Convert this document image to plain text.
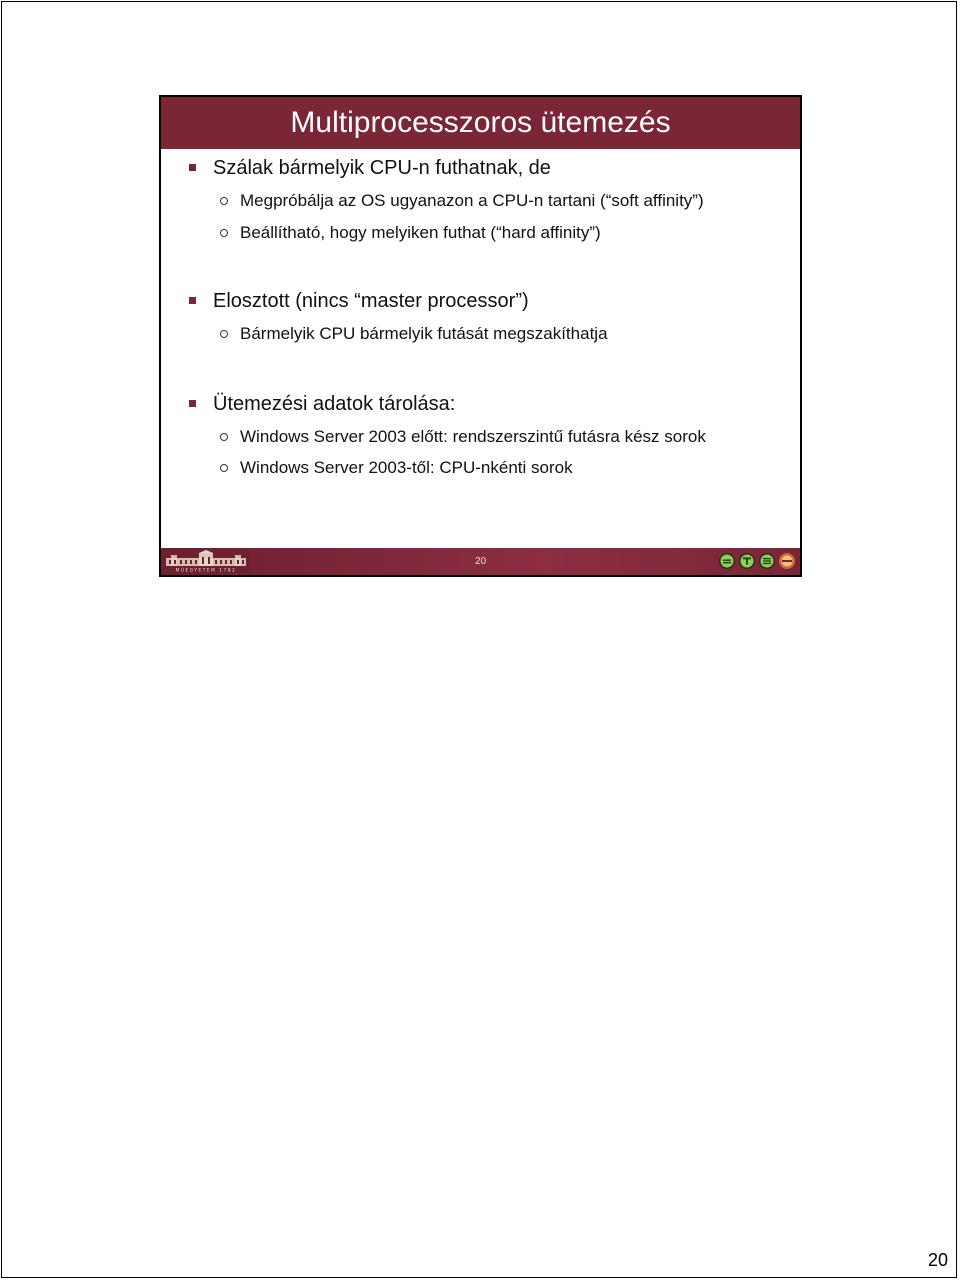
Multiprocesszoros ütemezés
Szálak bármelyik CPU-n futhatnak, de
Megpróbálja az OS ugyanazon a CPU-n tartani (“soft affinity”)
Beállítható, hogy melyiken futhat (“hard affinity”)
Elosztott (nincs “master processor”)
Bármelyik CPU bármelyik futását megszakíthatja
Ütemezési adatok tárolása:
Windows Server 2003 előtt: rendszerszintű futásra kész sorok
Windows Server 2003-től: CPU-nkénti sorok
MŰEGYETEM 1782
20
20
